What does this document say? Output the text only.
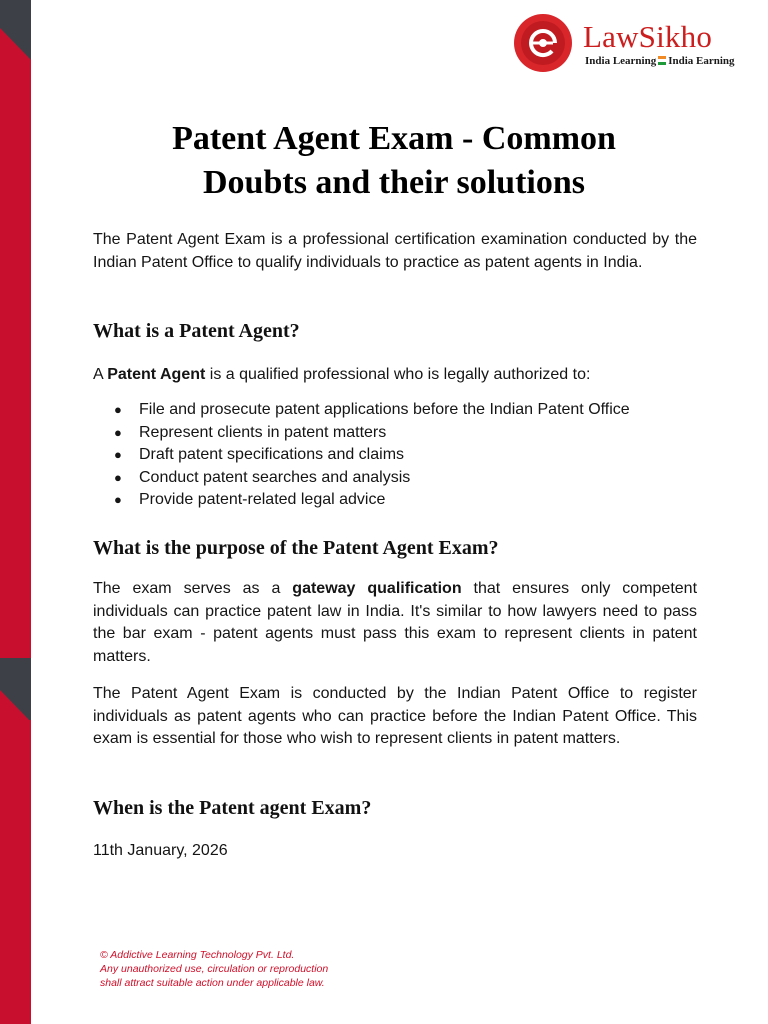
LawSikho
India Learning India Earning
Patent Agent Exam - Common
Doubts and their solutions

The Patent Agent Exam is a professional certification examination conducted by the Indian Patent Office to qualify individuals to practice as patent agents in India.

What is a Patent Agent?

A Patent Agent is a qualified professional who is legally authorized to:

● File and prosecute patent applications before the Indian Patent Office
● Represent clients in patent matters
● Draft patent specifications and claims
● Conduct patent searches and analysis
● Provide patent-related legal advice
What is the purpose of the Patent Agent Exam?

The exam serves as a gateway qualification that ensures only competent individuals can practice patent law in India. It's similar to how lawyers need to pass the bar exam - patent agents must pass this exam to represent clients in patent matters.

The Patent Agent Exam is conducted by the Indian Patent Office to register individuals as patent agents who can practice before the Indian Patent Office. This exam is essential for those who wish to represent clients in patent matters.

When is the Patent agent Exam?

11th January, 2026

© Addictive Learning Technology Pvt. Ltd.
Any unauthorized use, circulation or reproduction
shall attract suitable action under applicable law.
